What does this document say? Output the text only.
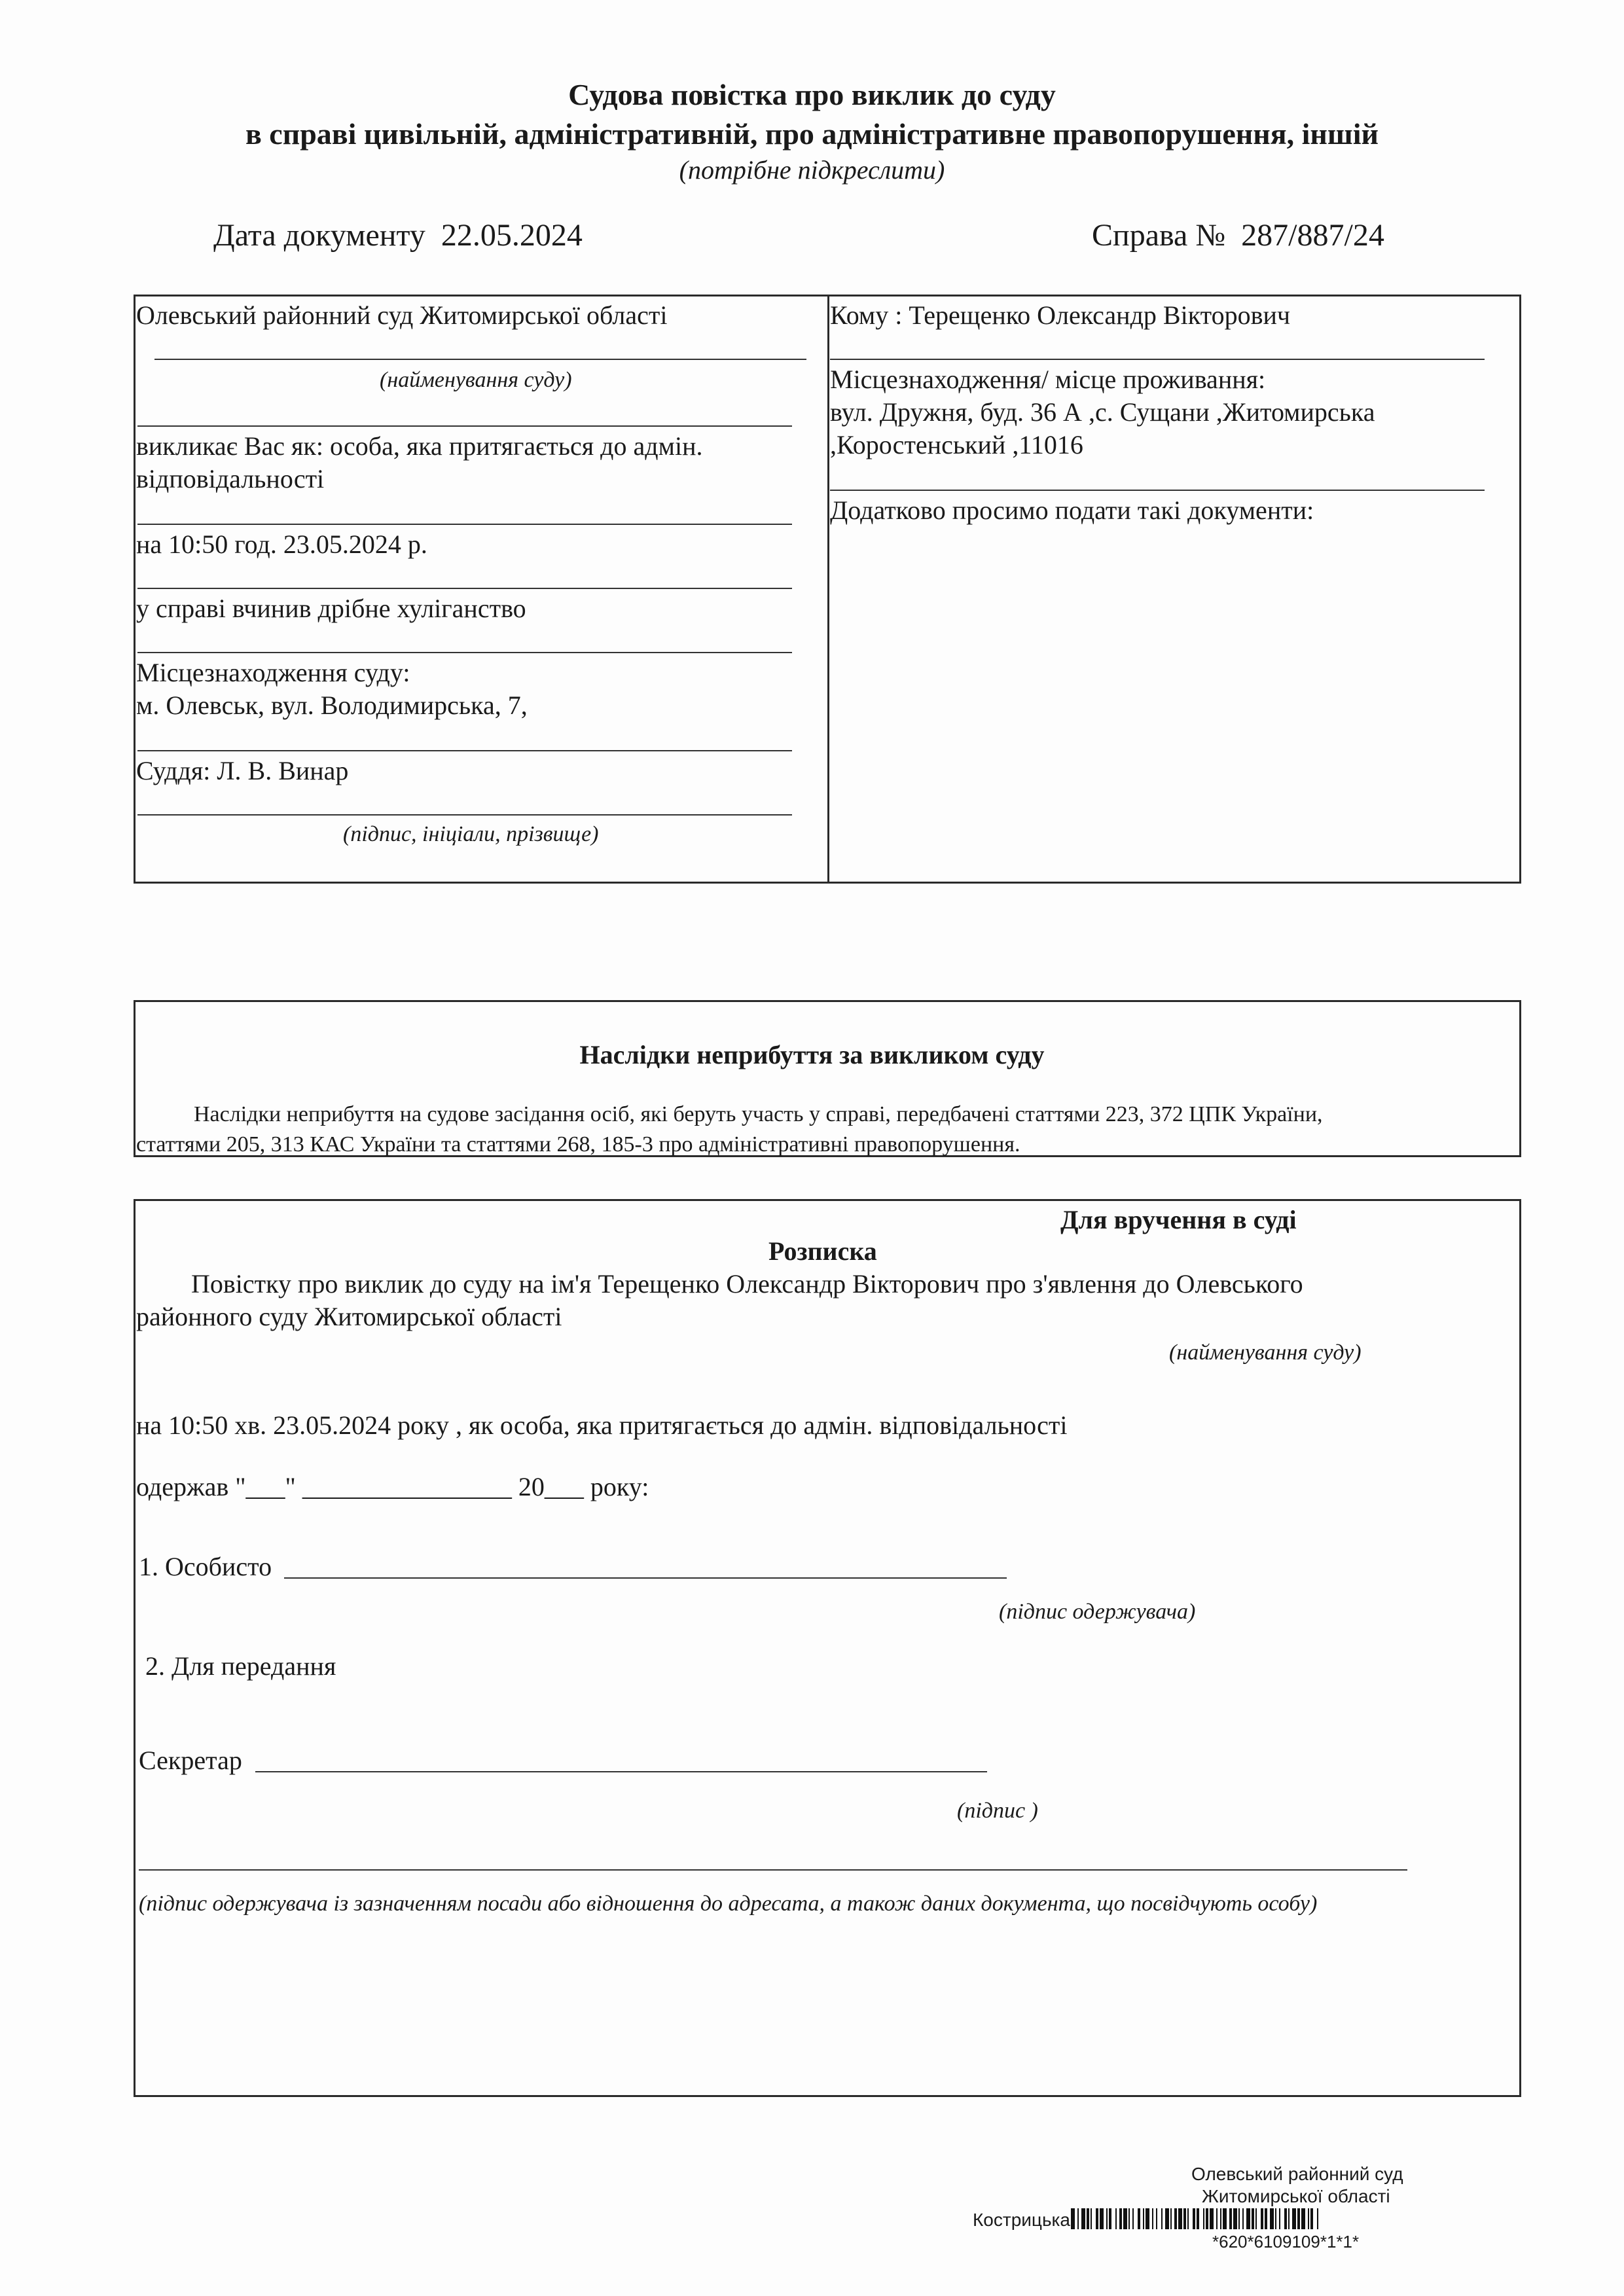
Судова повістка про виклик до суду
в справі цивільній, адміністративній, про адміністративне правопорушення, іншій
(потрібне підкреслити)
Дата документу 22.05.2024	Справа № 287/887/24
Олевський районний суд Житомирської області
(найменування суду)
викликає Вас як: особа, яка притягається до адмін.
відповідальності
на 10:50 год. 23.05.2024 р.
у справі вчинив дрібне хуліганство
Місцезнаходження суду:
м. Олевськ, вул. Володимирська, 7,
Суддя: Л. В. Винар
(підпис, ініціали, прізвище)
Кому : Терещенко Олександр Вікторович
Місцезнаходження/ місце проживання:
вул. Дружня, буд. 36 А ,с. Сущани ,Житомирська
,Коростенський ,11016
Додатково просимо подати такі документи:
Наслідки неприбуття за викликом суду
Наслідки неприбуття на судове засідання осіб, які беруть участь у справі, передбачені статтями 223, 372 ЦПК України,
статтями 205, 313 КАС України та статтями 268, 185-3 про адміністративні правопорушення.
Для вручення в суді
Розписка
Повістку про виклик до суду на ім'я Терещенко Олександр Вікторович про з'явлення до Олевського
районного суду Житомирської області
(найменування суду)
на 10:50 хв. 23.05.2024 року , як особа, яка притягається до адмін. відповідальності
одержав "___" ________________ 20___ року:
1. Особисто
(підпис одержувача)
2. Для передання
Секретар
(підпис )
(підпис одержувача із зазначенням посади або відношення до адресата, а також даних документа, що посвідчують особу)
Олевський районний суд
Житомирської області
Кострицька
*620*6109109*1*1*
